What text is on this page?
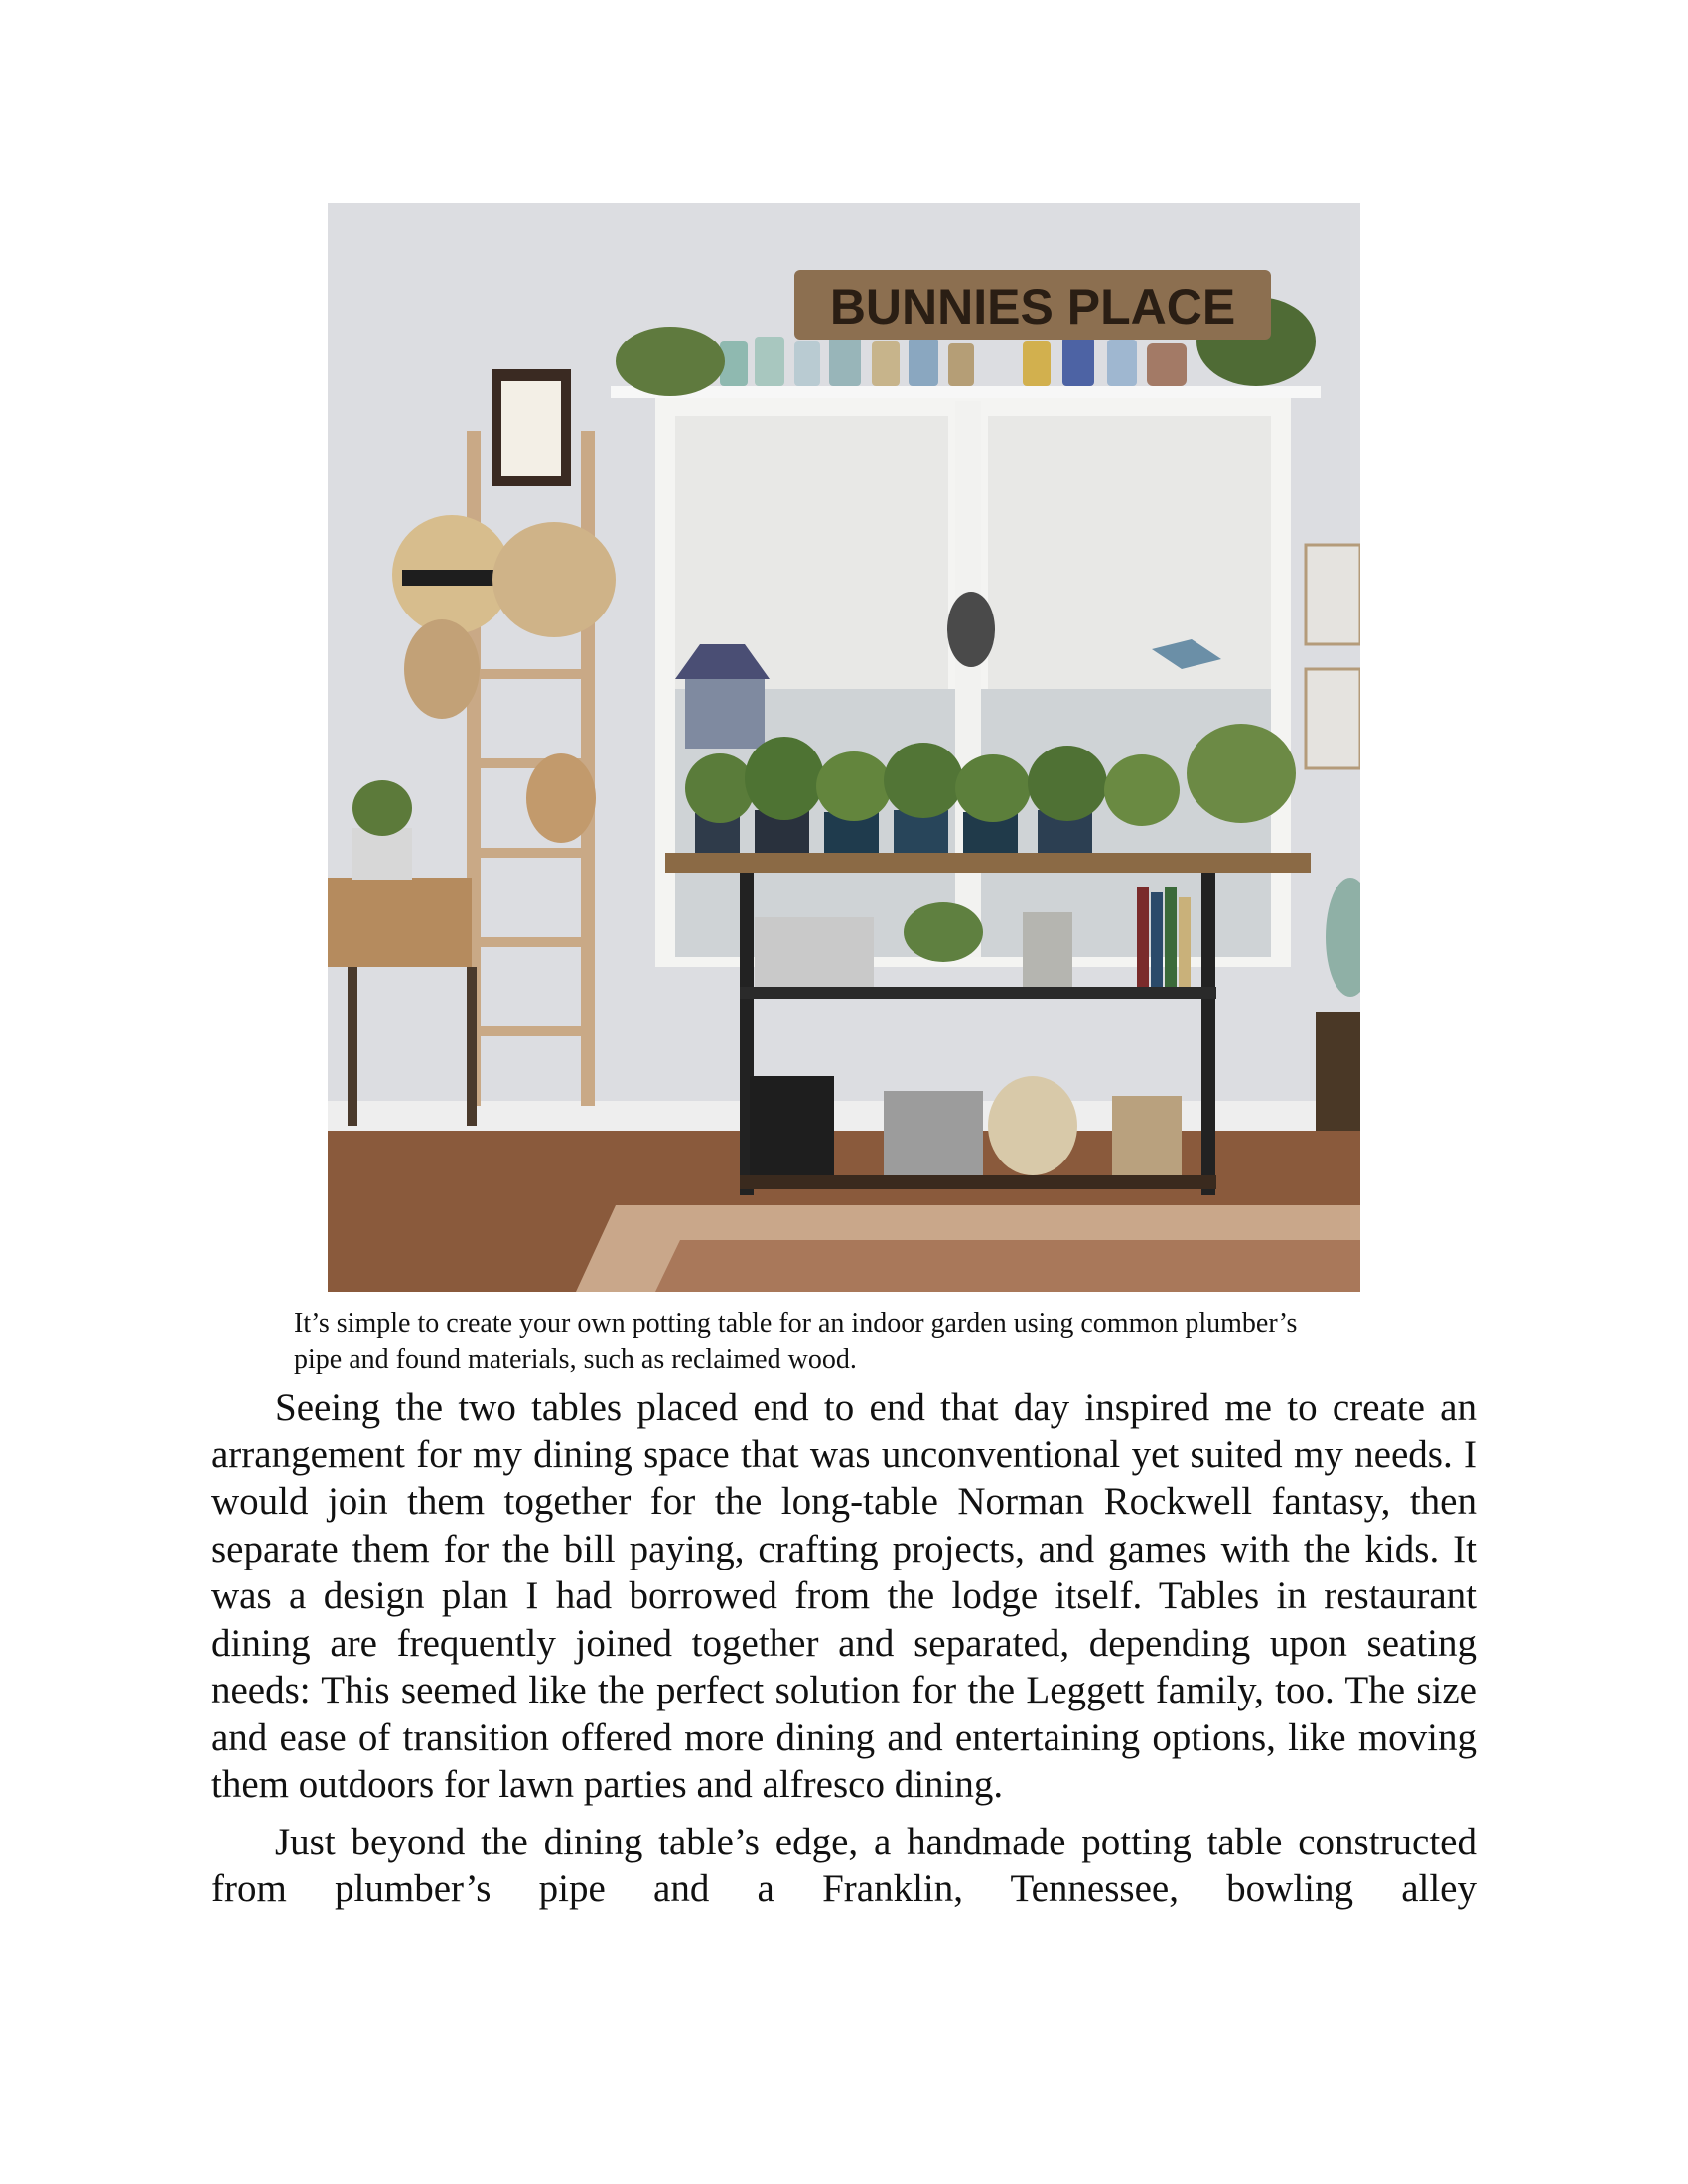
BUNNIES PLACE

It’s simple to create your own potting table for an indoor garden using common plumber’s pipe and found materials, such as reclaimed wood.

Seeing the two tables placed end to end that day inspired me to create an arrangement for my dining space that was unconventional yet suited my needs. I would join them together for the long-table Norman Rockwell fantasy, then separate them for the bill paying, crafting projects, and games with the kids. It was a design plan I had borrowed from the lodge itself. Tables in restaurant dining are frequently joined together and separated, depending upon seating needs: This seemed like the perfect solution for the Leggett family, too. The size and ease of transition offered more dining and entertaining options, like moving them outdoors for lawn parties and alfresco dining.

Just beyond the dining table’s edge, a handmade potting table constructed from plumber’s pipe and a Franklin, Tennessee, bowling alley
